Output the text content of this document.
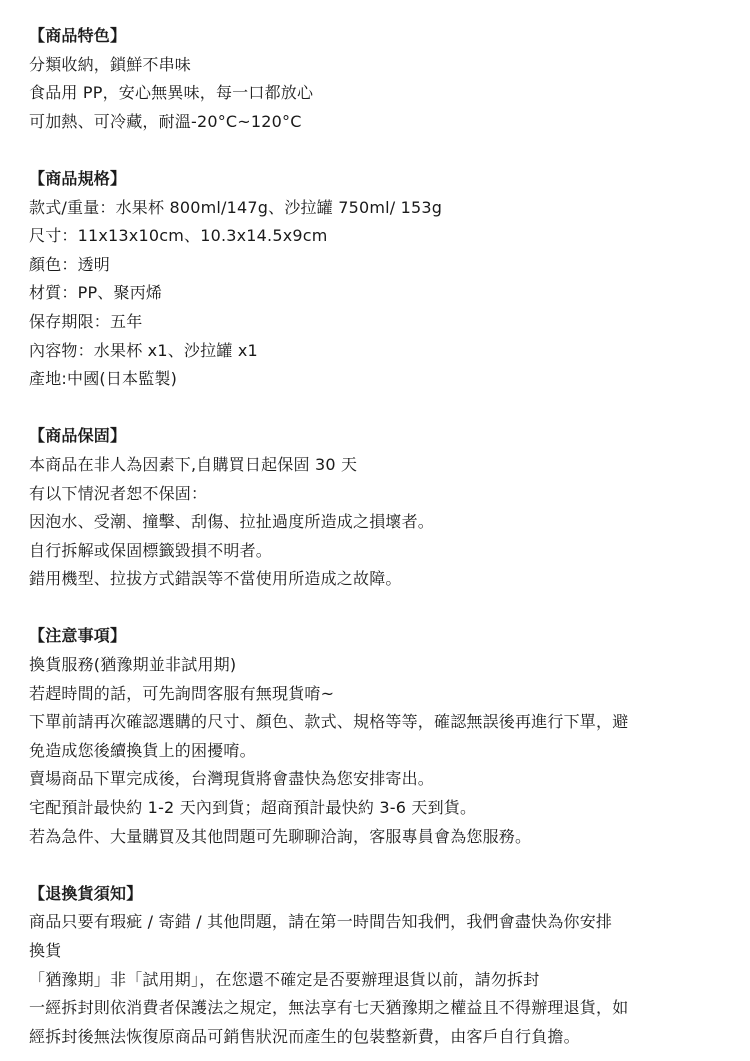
【商品特色】
分類收納，鎖鮮不串味
食品用 PP，安心無異味，每一口都放心
可加熱、可冷藏，耐溫-20°C~120°C
【商品規格】
款式/重量：水果杯 800ml/147g、沙拉罐 750ml/ 153g
尺寸：11x13x10cm、10.3x14.5x9cm
顏色：透明
材質：PP、聚丙烯
保存期限：五年
內容物：水果杯 x1、沙拉罐 x1
產地:中國(日本監製)
【商品保固】
本商品在非人為因素下,自購買日起保固 30 天
有以下情況者恕不保固：
因泡水、受潮、撞擊、刮傷、拉扯過度所造成之損壞者。
自行拆解或保固標籤毀損不明者。
錯用機型、拉拔方式錯誤等不當使用所造成之故障。
【注意事項】
換貨服務(猶豫期並非試用期)
若趕時間的話，可先詢問客服有無現貨唷~
下單前請再次確認選購的尺寸、顏色、款式、規格等等，確認無誤後再進行下單，避
免造成您後續換貨上的困擾唷。
賣場商品下單完成後，台灣現貨將會盡快為您安排寄出。
宅配預計最快約 1-2 天內到貨；超商預計最快約 3-6 天到貨。
若為急件、大量購買及其他問題可先聊聊洽詢，客服專員會為您服務。
【退換貨須知】
商品只要有瑕疵 / 寄錯 / 其他問題，請在第一時間告知我們，我們會盡快為你安排
換貨
「猶豫期」非「試用期」，在您還不確定是否要辦理退貨以前，請勿拆封
一經拆封則依消費者保護法之規定，無法享有七天猶豫期之權益且不得辦理退貨，如
經拆封後無法恢復原商品可銷售狀況而產生的包裝整新費，由客戶自行負擔。
